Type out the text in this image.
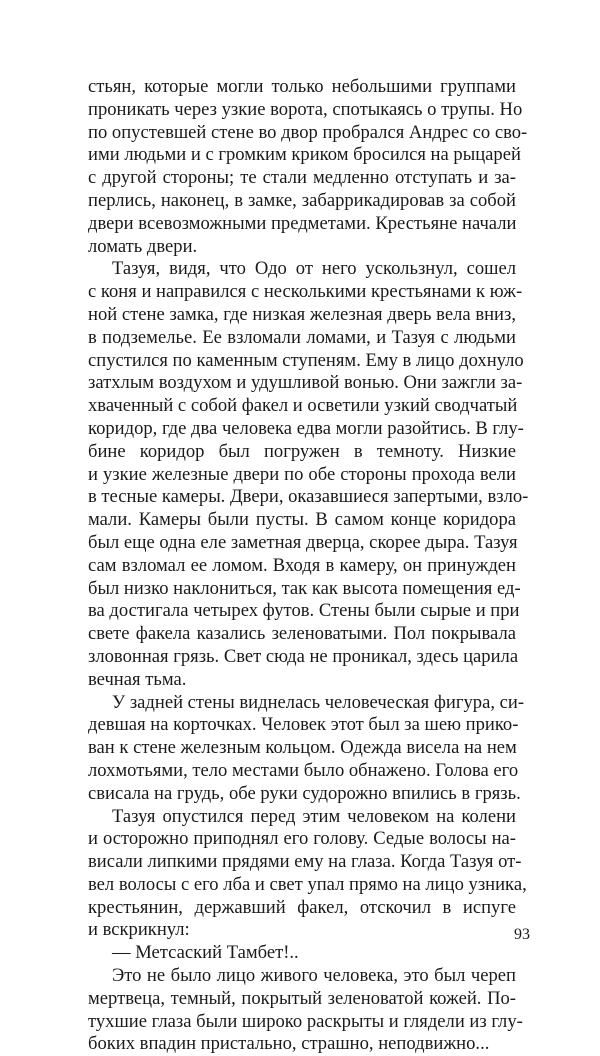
стьян, которые могли только небольшими группами
проникать через узкие ворота, спотыкаясь о трупы. Но
по опустевшей стене во двор пробрался Андрес со сво-
ими людьми и с громким криком бросился на рыцарей
с другой стороны; те стали медленно отступать и за-
перлись, наконец, в замке, забаррикадировав за собой
двери всевозможными предметами. Крестьяне начали
ломать двери.
Тазуя, видя, что Одо от него ускользнул, сошел
с коня и направился с несколькими крестьянами к юж-
ной стене замка, где низкая железная дверь вела вниз,
в подземелье. Ее взломали ломами, и Тазуя с людьми
спустился по каменным ступеням. Ему в лицо дохнуло
затхлым воздухом и удушливой вонью. Они зажгли за-
хваченный с собой факел и осветили узкий сводчатый
коридор, где два человека едва могли разойтись. В глу-
бине коридор был погружен в темноту. Низкие
и узкие железные двери по обе стороны прохода вели
в тесные камеры. Двери, оказавшиеся запертыми, взло-
мали. Камеры были пусты. В самом конце коридора
был еще одна еле заметная дверца, скорее дыра. Тазуя
сам взломал ее ломом. Входя в камеру, он принужден
был низко наклониться, так как высота помещения ед-
ва достигала четырех футов. Стены были сырые и при
свете факела казались зеленоватыми. Пол покрывала
зловонная грязь. Свет сюда не проникал, здесь царила
вечная тьма.
У задней стены виднелась человеческая фигура, си-
девшая на корточках. Человек этот был за шею прико-
ван к стене железным кольцом. Одежда висела на нем
лохмотьями, тело местами было обнажено. Голова его
свисала на грудь, обе руки судорожно впились в грязь.
Тазуя опустился перед этим человеком на колени
и осторожно приподнял его голову. Седые волосы на-
висали липкими прядями ему на глаза. Когда Тазуя от-
вел волосы с его лба и свет упал прямо на лицо узника,
крестьянин, державший факел, отскочил в испуге
и вскрикнул:
— Метсаский Тамбет!..
Это не было лицо живого человека, это был череп
мертвеца, темный, покрытый зеленоватой кожей. По-
тухшие глаза были широко раскрыты и глядели из глу-
боких впадин пристально, страшно, неподвижно...
93
